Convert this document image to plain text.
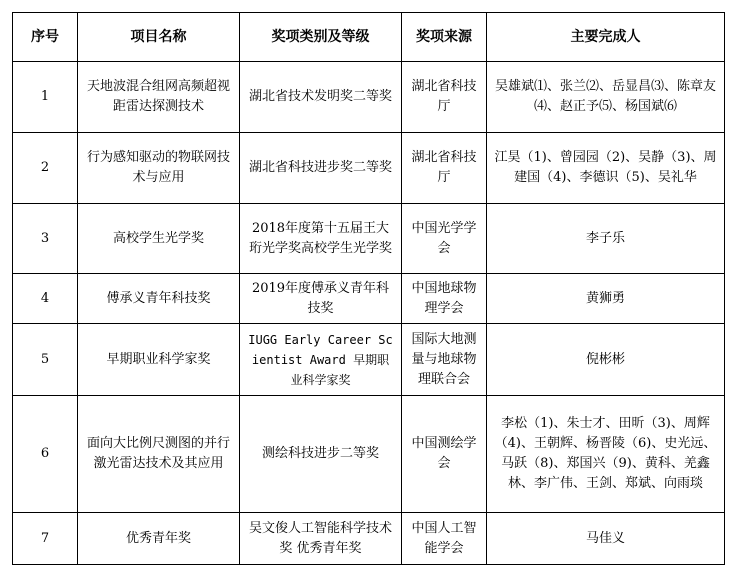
序号	项目名称	奖项类别及等级	奖项来源	主要完成人
1	天地波混合组网高频超视距雷达探测技术	湖北省技术发明奖二等奖	湖北省科技厅	吴雄斌⑴、张兰⑵、岳显昌⑶、陈章友⑷、赵正予⑸、杨国斌⑹
2	行为感知驱动的物联网技术与应用	湖北省科技进步奖二等奖	湖北省科技厅	江昊（1)、曾园园（2)、吴静（3)、周建国（4)、李德识（5)、吴礼华
3	高校学生光学奖	2018年度第十五届王大珩光学奖高校学生光学奖	中国光学学会	李子乐
4	傅承义青年科技奖	2019年度傅承义青年科技奖	中国地球物理学会	黄狮勇
5	早期职业科学家奖	IUGG Early Career Scientist Award 早期职业科学家奖	国际大地测量与地球物理联合会	倪彬彬
6	面向大比例尺测图的并行激光雷达技术及其应用	测绘科技进步二等奖	中国测绘学会	李松（1)、朱士才、田昕（3)、周辉（4)、王朝辉、杨晋陵（6)、史光远、马跃（8)、郑国兴（9)、黄科、羌鑫林、李广伟、王剑、郑斌、向雨琰
7	优秀青年奖	吴文俊人工智能科学技术奖 优秀青年奖	中国人工智能学会	马佳义
